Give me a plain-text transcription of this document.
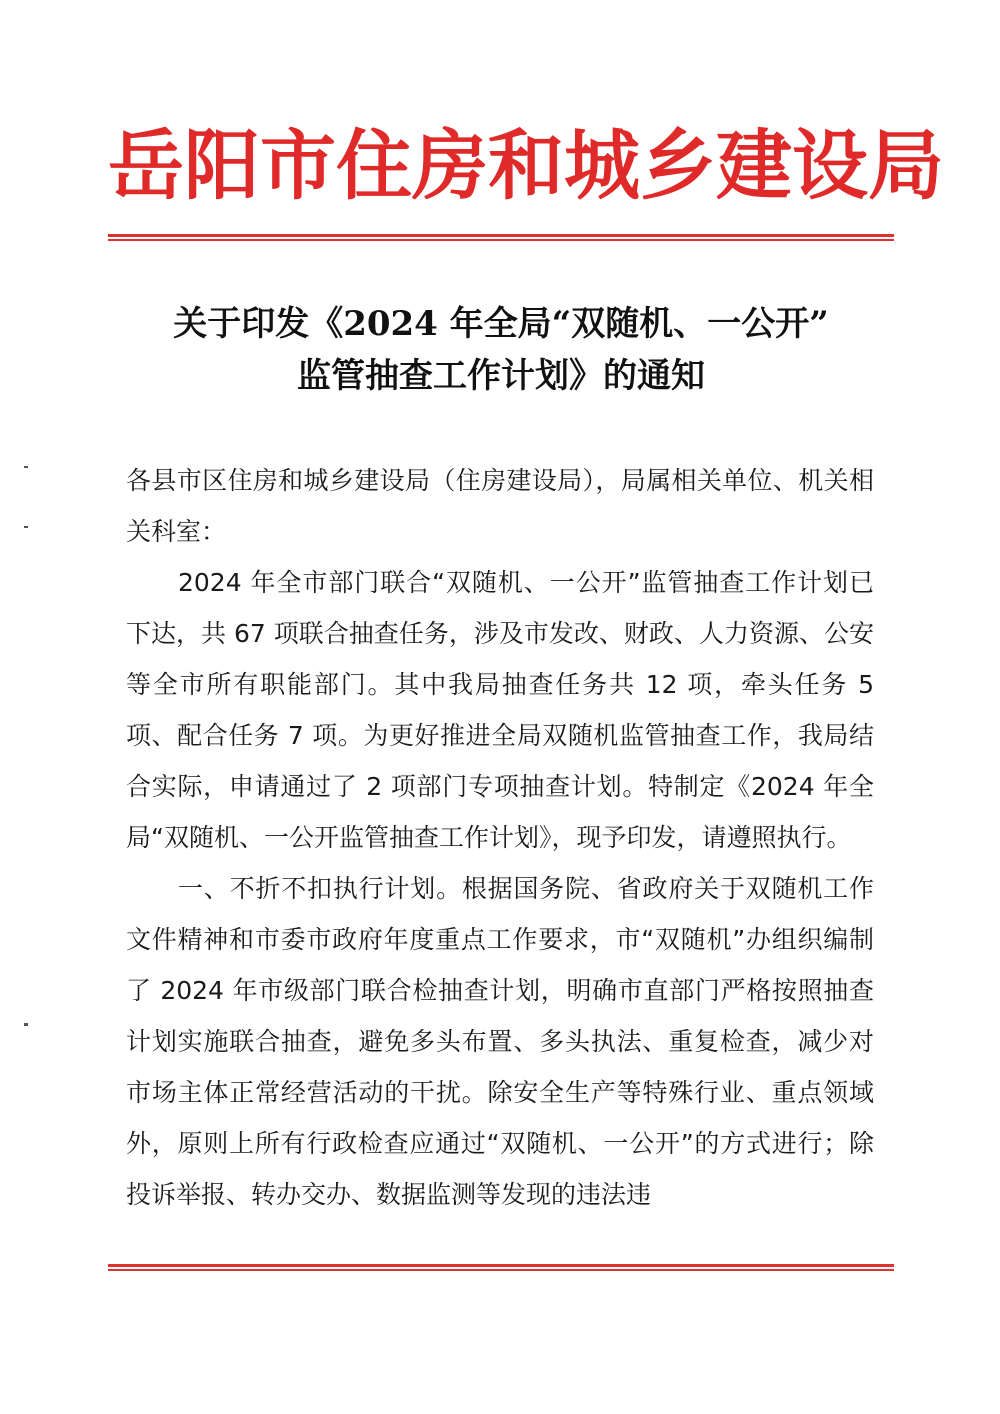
岳阳市住房和城乡建设局
关于印发《2024 年全局“双随机、一公开”
监管抽查工作计划》的通知

各县市区住房和城乡建设局（住房建设局），局属相关单位、机关相关科室：

2024 年全市部门联合“双随机、一公开”监管抽查工作计划已下达，共 67 项联合抽查任务，涉及市发改、财政、人力资源、公安等全市所有职能部门。其中我局抽查任务共 12 项，牵头任务 5 项、配合任务 7 项。为更好推进全局双随机监管抽查工作，我局结合实际，申请通过了 2 项部门专项抽查计划。特制定《2024 年全局“双随机、一公开监管抽查工作计划》，现予印发，请遵照执行。

一、不折不扣执行计划。根据国务院、省政府关于双随机工作文件精神和市委市政府年度重点工作要求，市“双随机”办组织编制了 2024 年市级部门联合检抽查计划，明确市直部门严格按照抽查计划实施联合抽查，避免多头布置、多头执法、重复检查，减少对市场主体正常经营活动的干扰。除安全生产等特殊行业、重点领域外，原则上所有行政检查应通过“双随机、一公开”的方式进行；除投诉举报、转办交办、数据监测等发现的违法违
